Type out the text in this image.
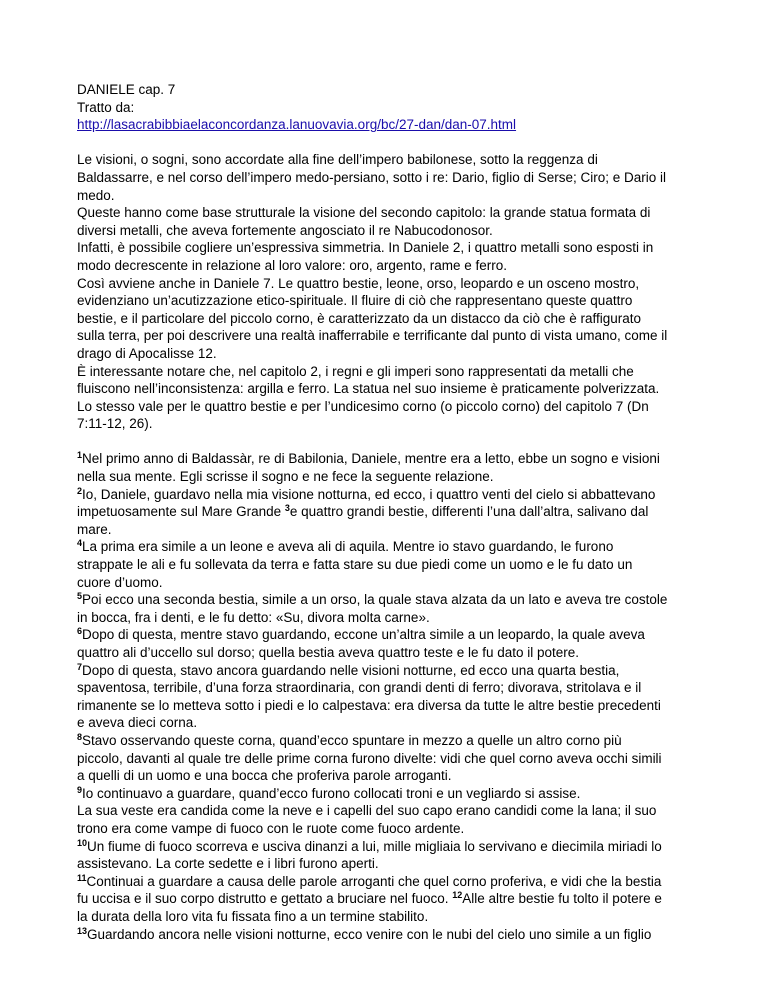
DANIELE cap. 7
Tratto da:
http://lasacrabibbiaelaconcordanza.lanuovavia.org/bc/27-dan/dan-07.html
Le visioni, o sogni, sono accordate alla fine dell’impero babilonese, sotto la reggenza di
Baldassarre, e nel corso dell’impero medo-persiano, sotto i re: Dario, figlio di Serse; Ciro; e Dario il
medo.
Queste hanno come base strutturale la visione del secondo capitolo: la grande statua formata di
diversi metalli, che aveva fortemente angosciato il re Nabucodonosor.
Infatti, è possibile cogliere un’espressiva simmetria. In Daniele 2, i quattro metalli sono esposti in
modo decrescente in relazione al loro valore: oro, argento, rame e ferro.
Così avviene anche in Daniele 7. Le quattro bestie, leone, orso, leopardo e un osceno mostro,
evidenziano un’acutizzazione etico-spirituale. Il fluire di ciò che rappresentano queste quattro
bestie, e il particolare del piccolo corno, è caratterizzato da un distacco da ciò che è raffigurato
sulla terra, per poi descrivere una realtà inafferrabile e terrificante dal punto di vista umano, come il
drago di Apocalisse 12.
È interessante notare che, nel capitolo 2, i regni e gli imperi sono rappresentati da metalli che
fluiscono nell’inconsistenza: argilla e ferro. La statua nel suo insieme è praticamente polverizzata.
Lo stesso vale per le quattro bestie e per l’undicesimo corno (o piccolo corno) del capitolo 7 (Dn
7:11-12, 26).
$^1$Nel primo anno di Baldassàr, re di Babilonia, Daniele, mentre era a letto, ebbe un sogno e visioni
nella sua mente. Egli scrisse il sogno e ne fece la seguente relazione.
$^2$Io, Daniele, guardavo nella mia visione notturna, ed ecco, i quattro venti del cielo si abbattevano
impetuosamente sul Mare Grande $^3$e quattro grandi bestie, differenti l’una dall’altra, salivano dal
mare.
$^4$La prima era simile a un leone e aveva ali di aquila. Mentre io stavo guardando, le furono
strappate le ali e fu sollevata da terra e fatta stare su due piedi come un uomo e le fu dato un
cuore d’uomo.
$^5$Poi ecco una seconda bestia, simile a un orso, la quale stava alzata da un lato e aveva tre costole
in bocca, fra i denti, e le fu detto: «Su, divora molta carne».
$^6$Dopo di questa, mentre stavo guardando, eccone un’altra simile a un leopardo, la quale aveva
quattro ali d’uccello sul dorso; quella bestia aveva quattro teste e le fu dato il potere.
$^7$Dopo di questa, stavo ancora guardando nelle visioni notturne, ed ecco una quarta bestia,
spaventosa, terribile, d’una forza straordinaria, con grandi denti di ferro; divorava, stritolava e il
rimanente se lo metteva sotto i piedi e lo calpestava: era diversa da tutte le altre bestie precedenti
e aveva dieci corna.
$^8$Stavo osservando queste corna, quand’ecco spuntare in mezzo a quelle un altro corno più
piccolo, davanti al quale tre delle prime corna furono divelte: vidi che quel corno aveva occhi simili
a quelli di un uomo e una bocca che proferiva parole arroganti.
$^9$Io continuavo a guardare, quand’ecco furono collocati troni e un vegliardo si assise.
La sua veste era candida come la neve e i capelli del suo capo erano candidi come la lana; il suo
trono era come vampe di fuoco con le ruote come fuoco ardente.
$^{10}$Un fiume di fuoco scorreva e usciva dinanzi a lui, mille migliaia lo servivano e diecimila miriadi lo
assistevano. La corte sedette e i libri furono aperti.
$^{11}$Continuai a guardare a causa delle parole arroganti che quel corno proferiva, e vidi che la bestia
fu uccisa e il suo corpo distrutto e gettato a bruciare nel fuoco. $^{12}$Alle altre bestie fu tolto il potere e
la durata della loro vita fu fissata fino a un termine stabilito.
$^{13}$Guardando ancora nelle visioni notturne, ecco venire con le nubi del cielo uno simile a un figlio
